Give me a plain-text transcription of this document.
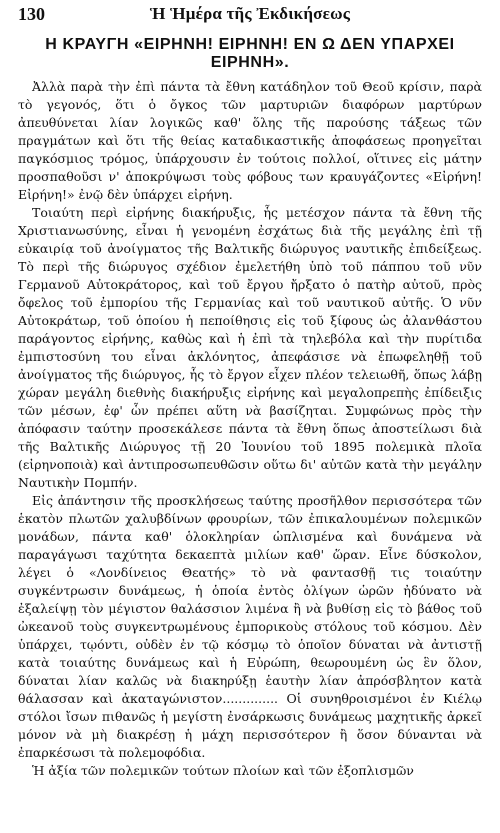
130	Ἡ Ἡμέρα τῆς Ἐκδικήσεως
Η ΚΡΑΥΓΗ «ΕΙΡΗΝΗ! ΕΙΡΗΝΗ! ΕΝ Ω ΔΕΝ ΥΠΑΡΧΕΙ ΕΙΡΗΝΗ».

Ἀλλὰ παρὰ τὴν ἐπὶ πάντα τὰ ἔθνη κατάδηλον τοῦ Θεοῦ κρίσιν, παρὰ τὸ γεγονός, ὅτι ὁ ὄγκος τῶν μαρτυριῶν διαφόρων μαρτύρων ἀπευθύνεται λίαν λογικῶς καθ' ὅλης τῆς παρούσης τάξεως τῶν πραγμάτων καὶ ὅτι τῆς θείας καταδικαστικῆς ἀποφάσεως προηγεῖται παγκόσμιος τρόμος, ὑπάρχουσιν ἐν τούτοις πολλοί, οἵτινες εἰς μάτην προσπαθοῦσι ν' ἀποκρύψωσι τοὺς φόβους των κραυγάζοντες «Εἰρήνη! Εἰρήνη!» ἐνῷ δὲν ὑπάρχει εἰρήνη.

Τοιαύτη περὶ εἰρήνης διακήρυξις, ἧς μετέσχον πάντα τὰ ἔθνη τῆς Χριστιανωσύνης, εἶναι ἡ γενομένη ἐσχάτως διὰ τῆς μεγάλης ἐπὶ τῇ εὐκαιρίᾳ τοῦ ἀνοίγματος τῆς Βαλτικῆς διώρυγος ναυτικῆς ἐπιδείξεως. Τὸ περὶ τῆς διώρυγος σχέδιον ἐμελετήθη ὑπὸ τοῦ πάππου τοῦ νῦν Γερμανοῦ Αὐτοκράτορος, καὶ τοῦ ἔργου ἤρξατο ὁ πατὴρ αὐτοῦ, πρὸς ὄφελος τοῦ ἐμπορίου τῆς Γερμανίας καὶ τοῦ ναυτικοῦ αὐτῆς. Ὁ νῦν Αὐτοκράτωρ, τοῦ ὁποίου ἡ πεποίθησις εἰς τοῦ ξίφους ὡς ἀλανθάστου παράγοντος εἰρήνης, καθὼς καὶ ἡ ἐπὶ τὰ τηλεβόλα καὶ τὴν πυρίτιδα ἐμπιστοσύνη του εἶναι ἀκλόνητος, ἀπεφάσισε νὰ ἐπωφεληθῇ τοῦ ἀνοίγματος τῆς διώρυγος, ἧς τὸ ἔργον εἶχεν πλέον τελειωθῆ, ὅπως λάβῃ χώραν μεγάλη διεθνὴς διακήρυξις εἰρήνης καὶ μεγαλοπρεπὴς ἐπίδειξις τῶν μέσων, ἐφ' ὧν πρέπει αὕτη νὰ βασίζηται. Συμφώνως πρὸς τὴν ἀπόφασιν ταύτην προσεκάλεσε πάντα τὰ ἔθνη ὅπως ἀποστείλωσι διὰ τῆς Βαλτικῆς Διώρυγος τῇ 20 Ἰουνίου τοῦ 1895 πολεμικὰ πλοῖα (εἰρηνοποιὰ) καὶ ἀντιπροσωπευθῶσιν οὕτω δι' αὐτῶν κατὰ τὴν μεγάλην Ναυτικὴν Πομπήν.

Εἰς ἀπάντησιν τῆς προσκλήσεως ταύτης προσῆλθον περισσότερα τῶν ἑκατὸν πλωτῶν χαλυβδίνων φρουρίων, τῶν ἐπικαλουμένων πολεμικῶν μονάδων, πάντα καθ' ὁλοκληρίαν ὡπλισμένα καὶ δυνάμενα νὰ παραγάγωσι ταχύτητα δεκαεπτὰ μιλίων καθ' ὥραν. Εἶνε δύσκολον, λέγει ὁ «Λονδίνειος Θεατής» τὸ νὰ φαντασθῇ τις τοιαύτην συγκέντρωσιν δυνάμεως, ἡ ὁποία ἐντὸς ὀλίγων ὡρῶν ἠδύνατο νὰ ἐξαλείψῃ τὸν μέγιστον θαλάσσιον λιμένα ἢ νὰ βυθίσῃ εἰς τὸ βάθος τοῦ ὠκεανοῦ τοὺς συγκεντρωμένους ἐμπορικοὺς στόλους τοῦ κόσμου. Δὲν ὑπάρχει, τῳόντι, οὐδὲν ἐν τῷ κόσμῳ τὸ ὁποῖον δύναται νὰ ἀντιστῇ κατὰ τοιαύτης δυνάμεως καὶ ἡ Εὐρώπη, θεωρουμένη ὡς ἓν ὅλον, δύναται λίαν καλῶς νὰ διακηρύξῃ ἑαυτὴν λίαν ἀπρόσβλητον κατὰ θάλασσαν καὶ ἀκαταγώνιστον.............. Οἱ συνηθροισμένοι ἐν Κιέλῳ στόλοι ἴσων πιθανῶς ἡ μεγίστη ἐνσάρκωσις δυνάμεως μαχητικῆς ἀρκεῖ μόνον νὰ μὴ διακρέσῃ ἡ μάχη περισσότερον ἢ ὅσον δύνανται νὰ ἐπαρκέσωσι τὰ πολεμοφόδια.

Ἡ ἀξία τῶν πολεμικῶν τούτων πλοίων καὶ τῶν ἐξοπλισμῶν
